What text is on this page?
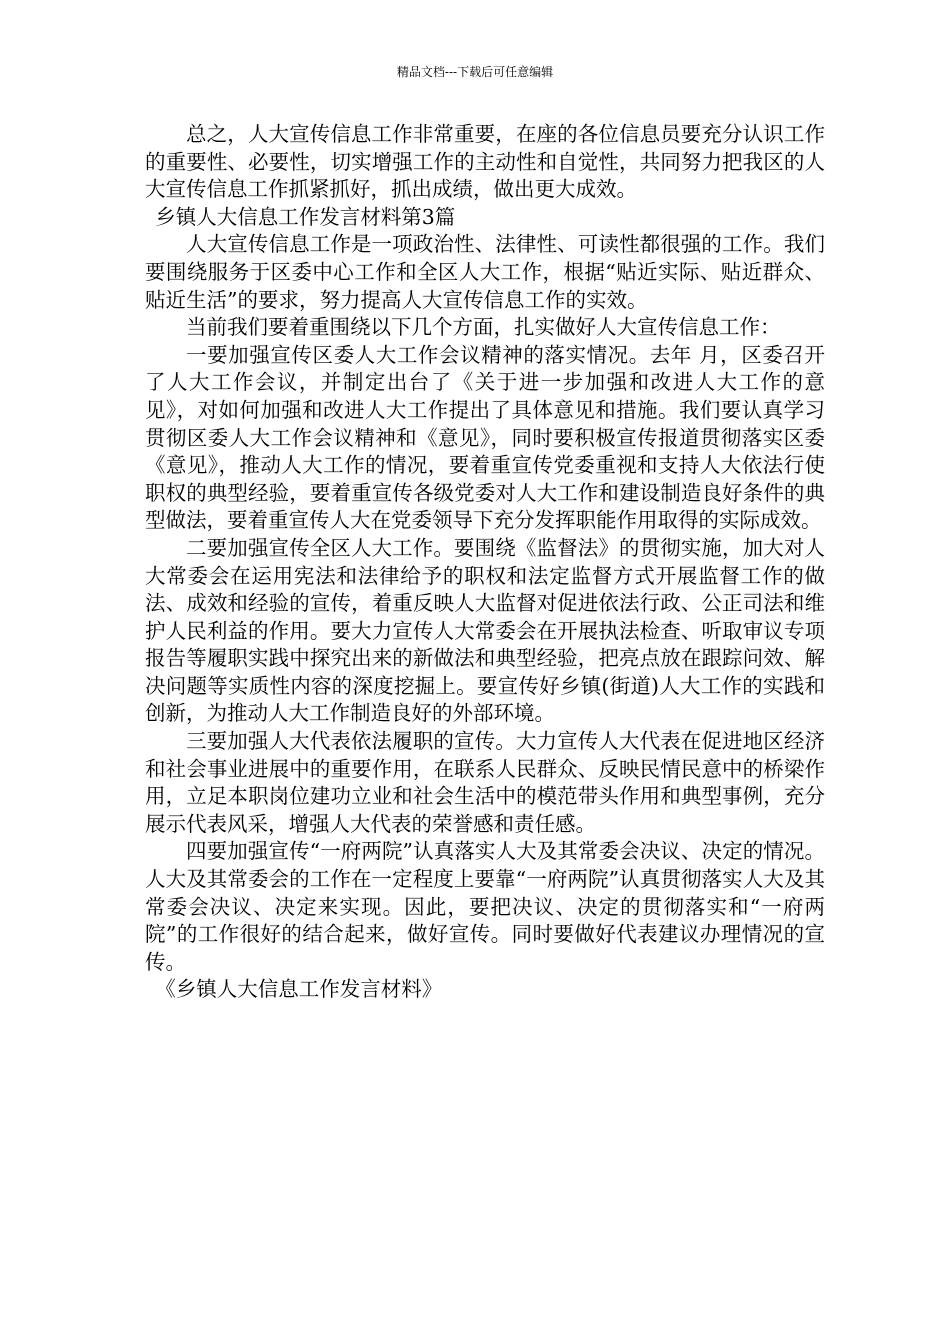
精品文档---下载后可任意编辑

总之，人大宣传信息工作非常重要，在座的各位信息员要充分认识工作的重要性、必要性，切实增强工作的主动性和自觉性，共同努力把我区的人大宣传信息工作抓紧抓好，抓出成绩，做出更大成效。

乡镇人大信息工作发言材料第3篇

人大宣传信息工作是一项政治性、法律性、可读性都很强的工作。我们要围绕服务于区委中心工作和全区人大工作，根据“贴近实际、贴近群众、贴近生活”的要求，努力提高人大宣传信息工作的实效。

当前我们要着重围绕以下几个方面，扎实做好人大宣传信息工作：

一要加强宣传区委人大工作会议精神的落实情况。去年 月，区委召开了人大工作会议，并制定出台了《关于进一步加强和改进人大工作的意见》，对如何加强和改进人大工作提出了具体意见和措施。我们要认真学习贯彻区委人大工作会议精神和《意见》，同时要积极宣传报道贯彻落实区委《意见》，推动人大工作的情况，要着重宣传党委重视和支持人大依法行使职权的典型经验，要着重宣传各级党委对人大工作和建设制造良好条件的典型做法，要着重宣传人大在党委领导下充分发挥职能作用取得的实际成效。

二要加强宣传全区人大工作。要围绕《监督法》的贯彻实施，加大对人大常委会在运用宪法和法律给予的职权和法定监督方式开展监督工作的做法、成效和经验的宣传，着重反映人大监督对促进依法行政、公正司法和维护人民利益的作用。要大力宣传人大常委会在开展执法检查、听取审议专项报告等履职实践中探究出来的新做法和典型经验，把亮点放在跟踪问效、解决问题等实质性内容的深度挖掘上。要宣传好乡镇(街道)人大工作的实践和创新，为推动人大工作制造良好的外部环境。

三要加强人大代表依法履职的宣传。大力宣传人大代表在促进地区经济和社会事业进展中的重要作用，在联系人民群众、反映民情民意中的桥梁作用，立足本职岗位建功立业和社会生活中的模范带头作用和典型事例，充分展示代表风采，增强人大代表的荣誉感和责任感。

四要加强宣传“一府两院”认真落实人大及其常委会决议、决定的情况。人大及其常委会的工作在一定程度上要靠“一府两院”认真贯彻落实人大及其常委会决议、决定来实现。因此，要把决议、决定的贯彻落实和“一府两院”的工作很好的结合起来，做好宣传。同时要做好代表建议办理情况的宣传。

《乡镇人大信息工作发言材料》
